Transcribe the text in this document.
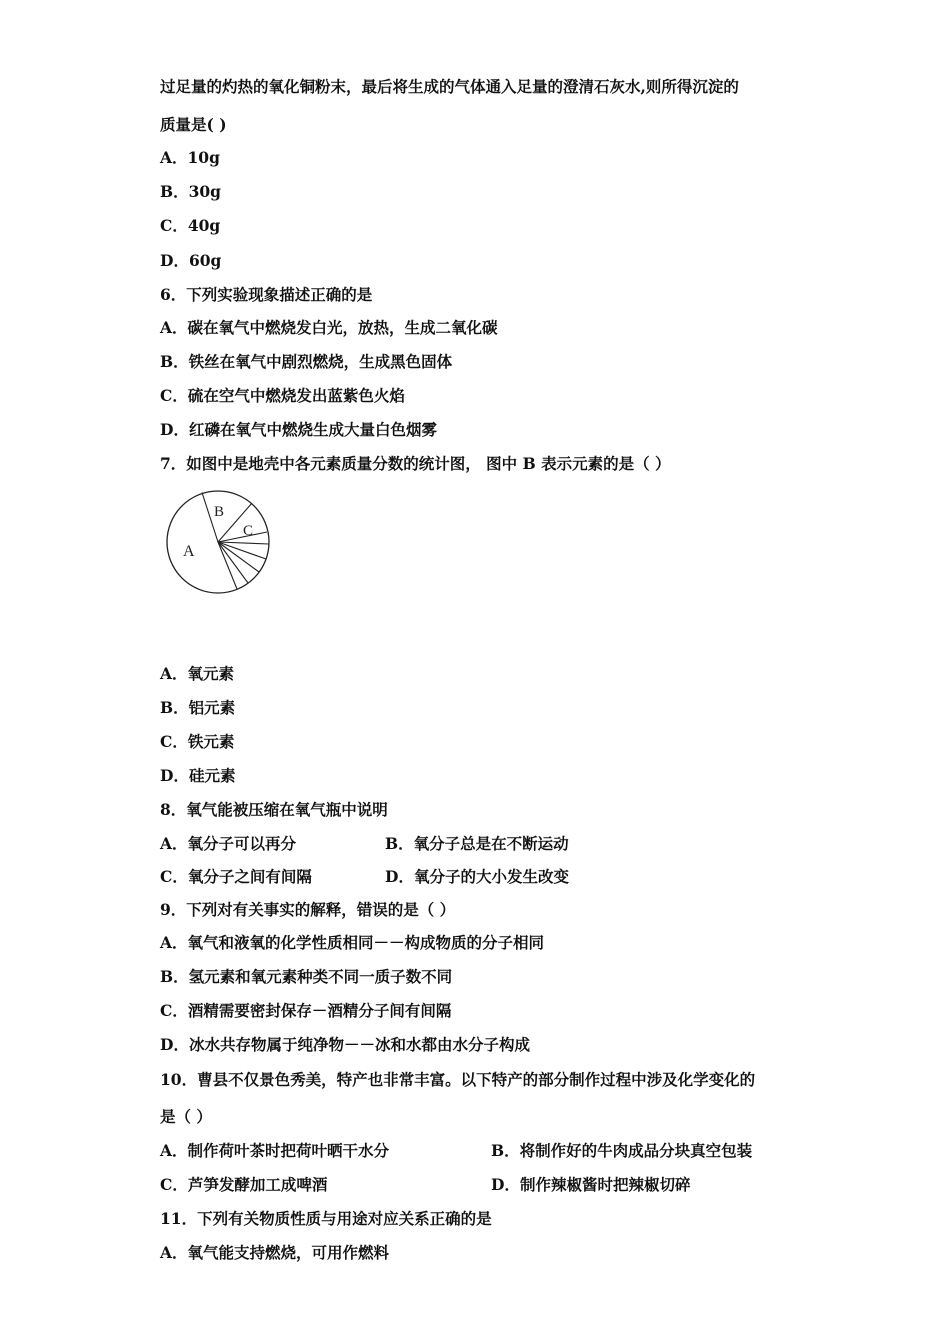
过足量的灼热的氧化铜粉末，最后将生成的气体通入足量的澄清石灰水,则所得沉淀的
质量是( )
A．10g
B．30g
C．40g
D．60g
6．下列实验现象描述正确的是
A．碳在氧气中燃烧发白光，放热，生成二氧化碳
B．铁丝在氧气中剧烈燃烧，生成黑色固体
C．硫在空气中燃烧发出蓝紫色火焰
D．红磷在氧气中燃烧生成大量白色烟雾
7．如图中是地壳中各元素质量分数的统计图， 图中 B 表示元素的是（ ）
A
B
C
A．氧元素
B．铝元素
C．铁元素
D．硅元素
8．氧气能被压缩在氧气瓶中说明
A．氧分子可以再分	B．氧分子总是在不断运动
C．氧分子之间有间隔	D．氧分子的大小发生改变
9．下列对有关事实的解释，错误的是（ ）
A．氧气和液氧的化学性质相同－－构成物质的分子相同
B．氢元素和氧元素种类不同一质子数不同
C．酒精需要密封保存－酒精分子间有间隔
D．冰水共存物属于纯净物－－冰和水都由水分子构成
10．曹县不仅景色秀美，特产也非常丰富。以下特产的部分制作过程中涉及化学变化的
是（ ）
A．制作荷叶茶时把荷叶晒干水分	B．将制作好的牛肉成品分块真空包装
C．芦笋发酵加工成啤酒	D．制作辣椒酱时把辣椒切碎
11．下列有关物质性质与用途对应关系正确的是
A．氧气能支持燃烧，可用作燃料
